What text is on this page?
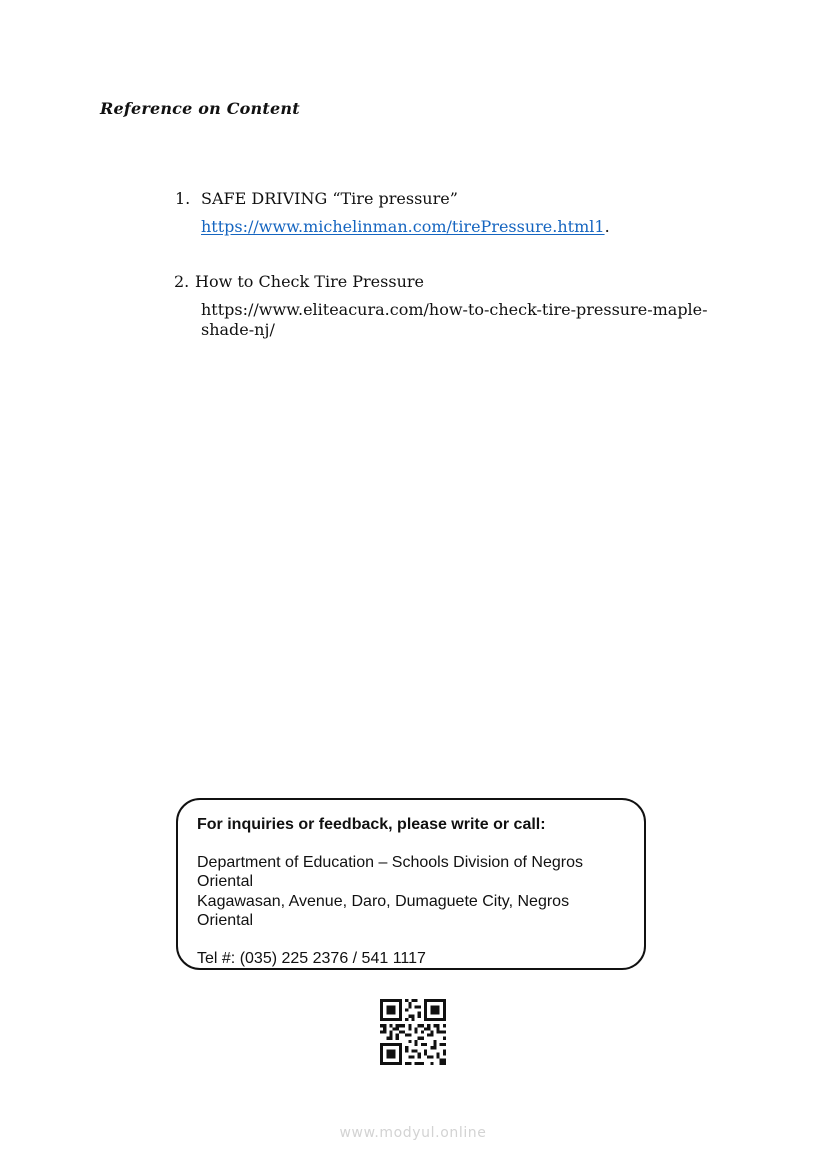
Reference on Content
1. SAFE DRIVING “Tire pressure”
https://www.michelinman.com/tirePressure.html1.
2. How to Check Tire Pressure
https://www.eliteacura.com/how-to-check-tire-pressure-maple-shade-nj/
For inquiries or feedback, please write or call:
Department of Education – Schools Division of Negros Oriental
Kagawasan, Avenue, Daro, Dumaguete City, Negros Oriental
Tel #: (035) 225 2376 / 541 1117
www.modyul.online
